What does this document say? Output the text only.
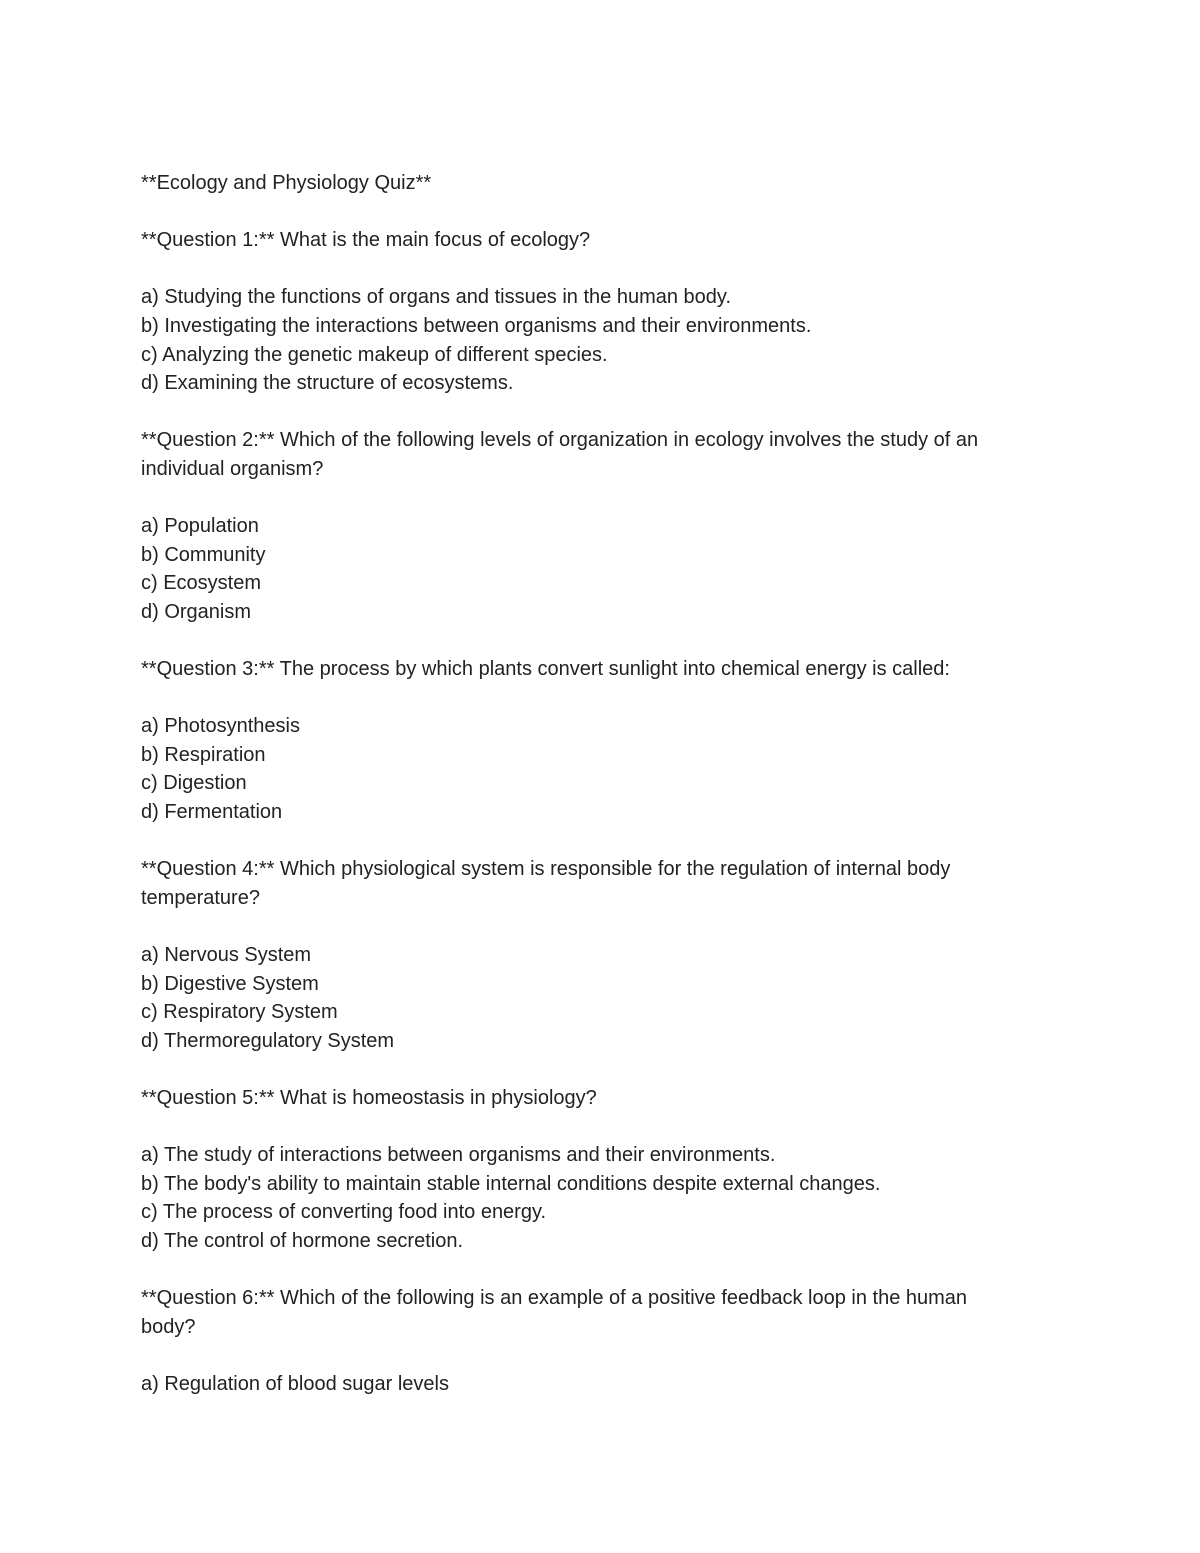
**Ecology and Physiology Quiz**
**Question 1:** What is the main focus of ecology?
a) Studying the functions of organs and tissues in the human body.
b) Investigating the interactions between organisms and their environments.
c) Analyzing the genetic makeup of different species.
d) Examining the structure of ecosystems.
**Question 2:** Which of the following levels of organization in ecology involves the study of an
individual organism?
a) Population
b) Community
c) Ecosystem
d) Organism
**Question 3:** The process by which plants convert sunlight into chemical energy is called:
a) Photosynthesis
b) Respiration
c) Digestion
d) Fermentation
**Question 4:** Which physiological system is responsible for the regulation of internal body
temperature?
a) Nervous System
b) Digestive System
c) Respiratory System
d) Thermoregulatory System
**Question 5:** What is homeostasis in physiology?
a) The study of interactions between organisms and their environments.
b) The body's ability to maintain stable internal conditions despite external changes.
c) The process of converting food into energy.
d) The control of hormone secretion.
**Question 6:** Which of the following is an example of a positive feedback loop in the human
body?
a) Regulation of blood sugar levels
